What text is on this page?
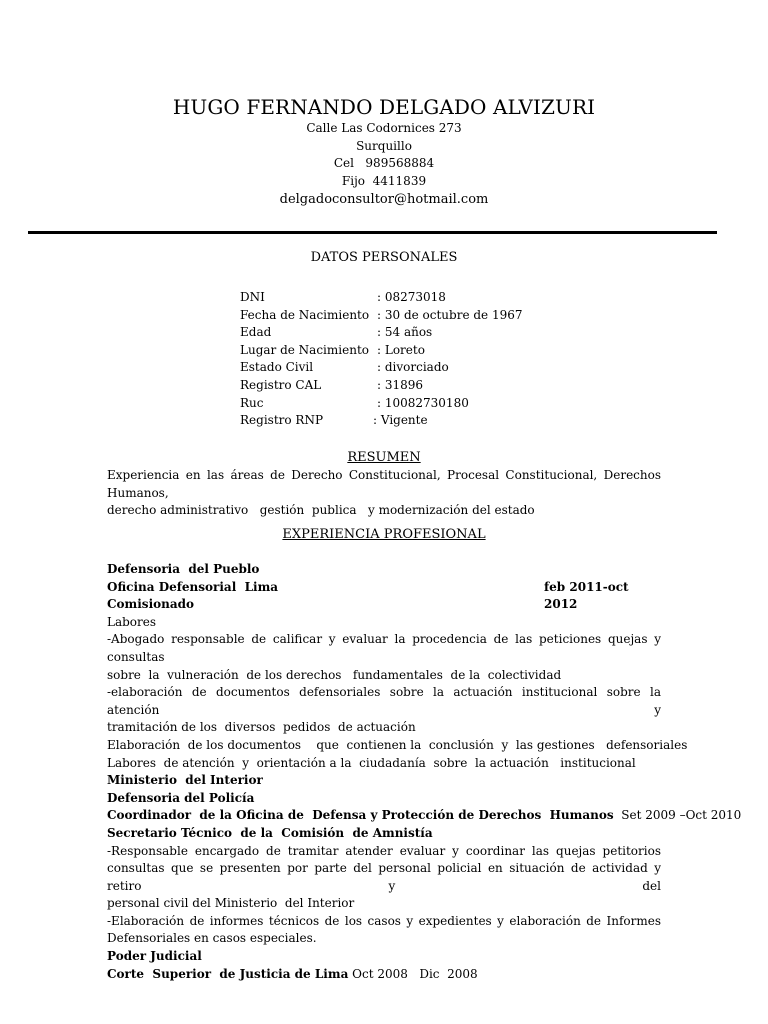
HUGO FERNANDO DELGADO ALVIZURI
Calle Las Codornices 273
Surquillo
Cel   989568884
Fijo  4411839
delgadoconsultor@hotmail.com
DATOS PERSONALES
DNI	: 08273018
Fecha de Nacimiento : 30 de octubre de 1967
Edad	: 54 años
Lugar de Nacimiento : Loreto
Estado Civil	: divorciado
Registro CAL	: 31896
Ruc	: 10082730180
Registro RNP	: Vigente
RESUMEN

Experiencia en las áreas de Derecho Constitucional, Procesal Constitucional, Derechos Humanos,

derecho administrativo   gestión  publica   y modernización del estado

EXPERIENCIA PROFESIONAL

Defensoria  del Pueblo

Oficina Defensorial  Lima	feb 2011-oct 2012

Comisionado

Labores

-Abogado responsable de calificar y evaluar la procedencia de las peticiones quejas y consultas

sobre  la  vulneración  de los derechos   fundamentales  de la  colectividad

-elaboración de documentos defensoriales sobre la actuación institucional sobre la atención y

tramitación de los  diversos  pedidos  de actuación

Elaboración  de los documentos    que  contienen la  conclusión  y  las gestiones   defensoriales

Labores  de atención  y  orientación a la  ciudadanía  sobre  la actuación   institucional

Ministerio  del Interior

Defensoria del Policía

Coordinador  de la Oficina de  Defensa y Protección de Derechos  Humanos  Set 2009 –Oct 2010

Secretario Técnico  de la  Comisión  de Amnistía

-Responsable encargado de tramitar atender evaluar y coordinar las quejas petitorios

consultas que se presenten por parte del personal policial en situación de actividad y retiro y del

personal civil del Ministerio  del Interior

-Elaboración de informes técnicos de los casos y expedientes y elaboración de Informes

Defensoriales en casos especiales.

Poder Judicial

Corte  Superior  de Justicia de Lima Oct 2008   Dic  2008
